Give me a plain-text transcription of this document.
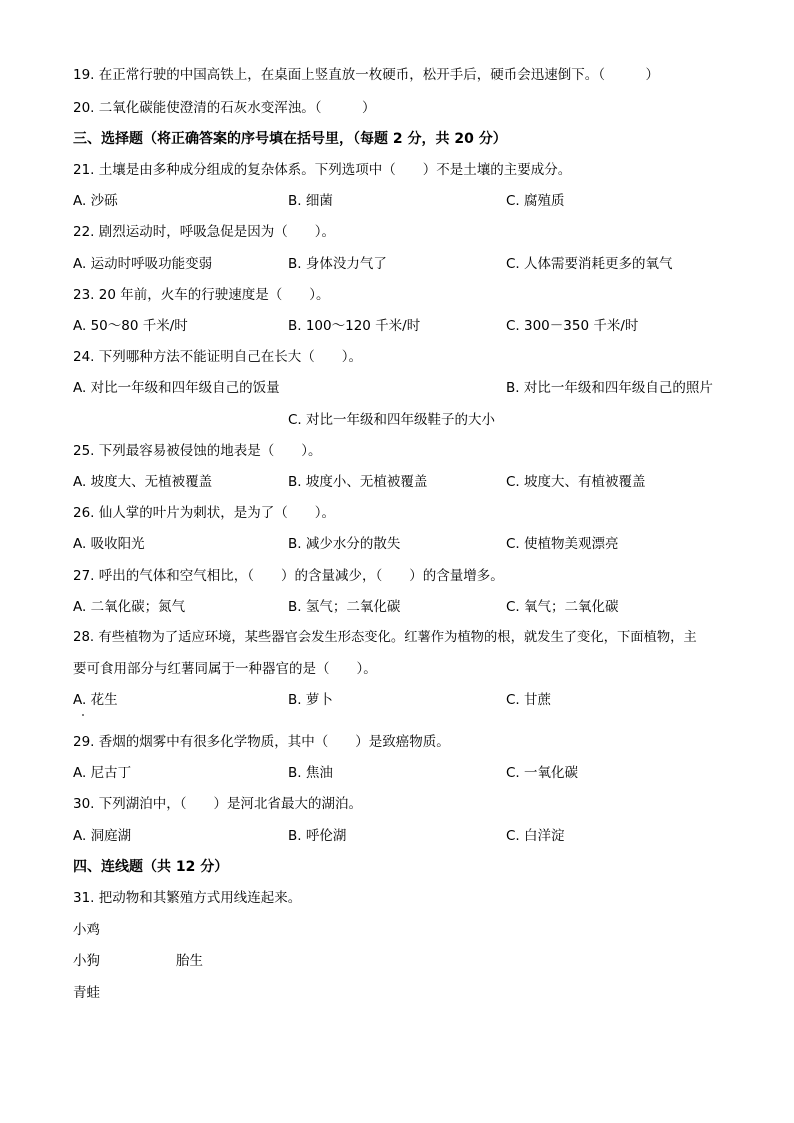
19. 在正常行驶的中国高铁上，在桌面上竖直放一枚硬币，松开手后，硬币会迅速倒下。（　　　）
20. 二氧化碳能使澄清的石灰水变浑浊。（　　　）
三、选择题（将正确答案的序号填在括号里，（每题 2 分，共 20 分）
21. 土壤是由多种成分组成的复杂体系。下列选项中（　　）不是土壤的主要成分。
A. 沙砾	B. 细菌	C. 腐殖质
22. 剧烈运动时，呼吸急促是因为（　　）。
A. 运动时呼吸功能变弱	B. 身体没力气了	C. 人体需要消耗更多的氧气
23. 20 年前，火车的行驶速度是（　　）。
A. 50～80 千米/时	B. 100～120 千米/时	C. 300－350 千米/时
24. 下列哪种方法不能证明自己在长大（　　）。
A. 对比一年级和四年级自己的饭量	B. 对比一年级和四年级自己的照片
C. 对比一年级和四年级鞋子的大小
25. 下列最容易被侵蚀的地表是（　　）。
A. 坡度大、无植被覆盖	B. 坡度小、无植被覆盖	C. 坡度大、有植被覆盖
26. 仙人掌的叶片为刺状，是为了（　　）。
A. 吸收阳光	B. 减少水分的散失	C. 使植物美观漂亮
27. 呼出的气体和空气相比，（　　）的含量减少，（　　）的含量增多。
A. 二氧化碳；氮气	B. 氢气；二氧化碳	C. 氧气；二氧化碳
28. 有些植物为了适应环境，某些器官会发生形态变化。红薯作为植物的根，就发生了变化，下面植物，主
要可食用部分与红薯同属于一种器官的是（　　）。
A. 花生	B. 萝卜	C. 甘蔗
29. 香烟的烟雾中有很多化学物质，其中（　　）是致癌物质。
A. 尼古丁	B. 焦油	C. 一氧化碳
30. 下列湖泊中，（　　）是河北省最大的湖泊。
A. 洞庭湖	B. 呼伦湖	C. 白洋淀
四、连线题（共 12 分）
31. 把动物和其繁殖方式用线连起来。
小鸡
小狗	胎生
青蛙
